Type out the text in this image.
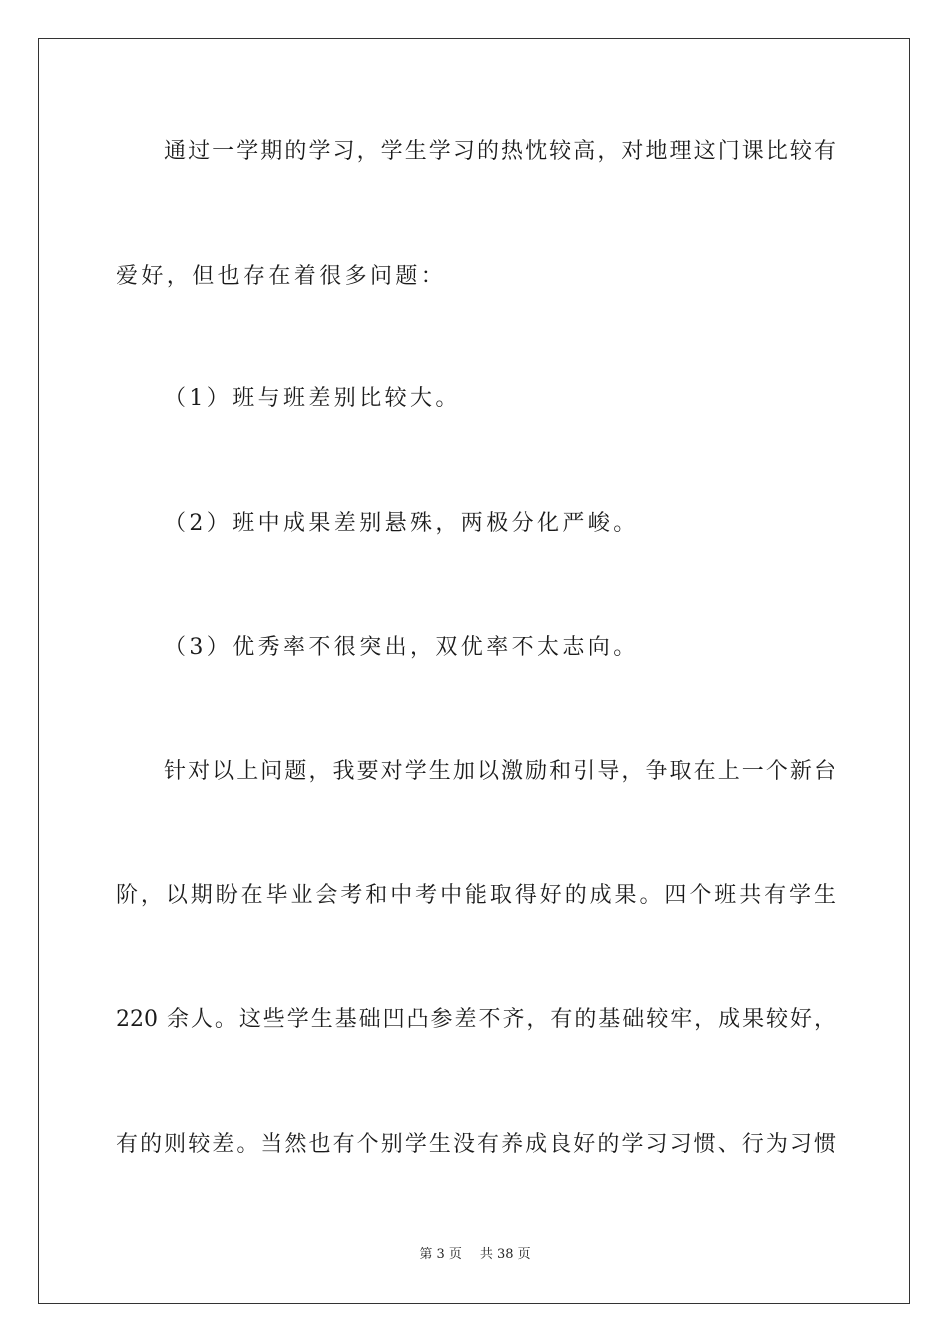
通过一学期的学习，学生学习的热忱较高，对地理这门课比较有
爱好，但也存在着很多问题：
（1）班与班差别比较大。
（2）班中成果差别悬殊，两极分化严峻。
（3）优秀率不很突出，双优率不太志向。
针对以上问题，我要对学生加以激励和引导，争取在上一个新台
阶，以期盼在毕业会考和中考中能取得好的成果。四个班共有学生
220 余人。这些学生基础凹凸参差不齐，有的基础较牢，成果较好，
有的则较差。当然也有个别学生没有养成良好的学习习惯、行为习惯
第 3 页 共 38 页
